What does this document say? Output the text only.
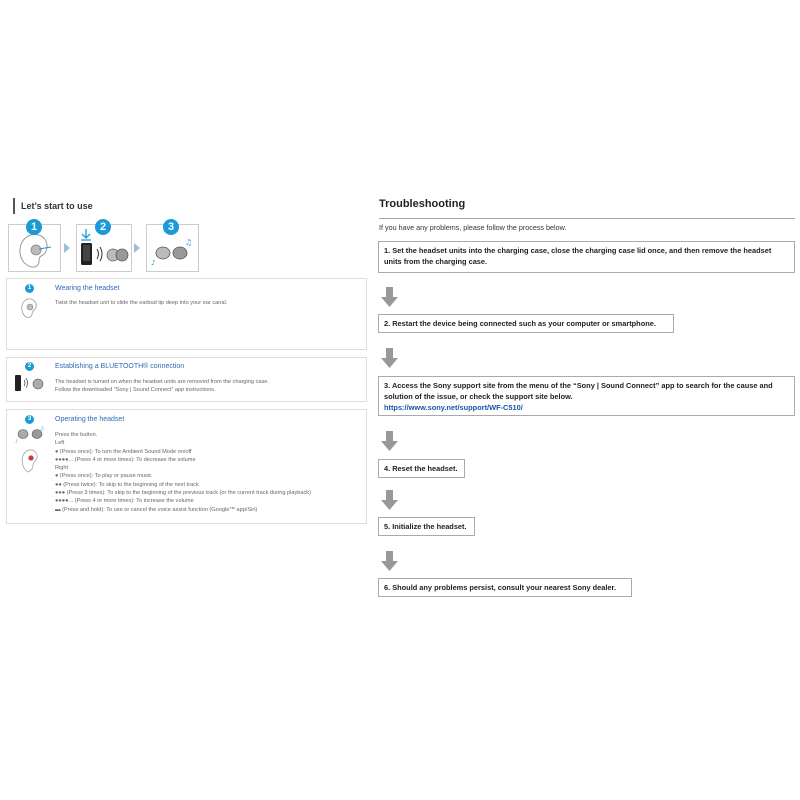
Let’s start to use
1	2
♪
♫
3
1	Wearing the headset
Twist the headset unit to slide the earbud tip deep into your ear canal.
2	Establishing a BLUETOOTH® connection
The headset is turned on when the headset units are removed from the charging case.
Follow the downloaded “Sony | Sound Connect” app instructions.
3
♪
♫
Operating the headset
Press the button.
Left
● (Press once): To turn the Ambient Sound Mode on/off
●●●●... (Press 4 or more times): To decrease the volume
Right
● (Press once): To play or pause music
●● (Press twice): To skip to the beginning of the next track
●●● (Press 3 times): To skip to the beginning of the previous track (or the current track during playback)
●●●●... (Press 4 or more times): To increase the volume
▬ (Press and hold): To use or cancel the voice assist function (Google™ app/Siri)
Troubleshooting
If you have any problems, please follow the process below.
1. Set the headset units into the charging case, close the charging case lid once, and then remove the headset units from the charging case.
2. Restart the device being connected such as your computer or smartphone.
3. Access the Sony support site from the menu of the “Sony | Sound Connect” app to search for the cause and solution of the issue, or check the support site below.
https://www.sony.net/support/WF-C510/
4. Reset the headset.
5. Initialize the headset.
6. Should any problems persist, consult your nearest Sony dealer.
